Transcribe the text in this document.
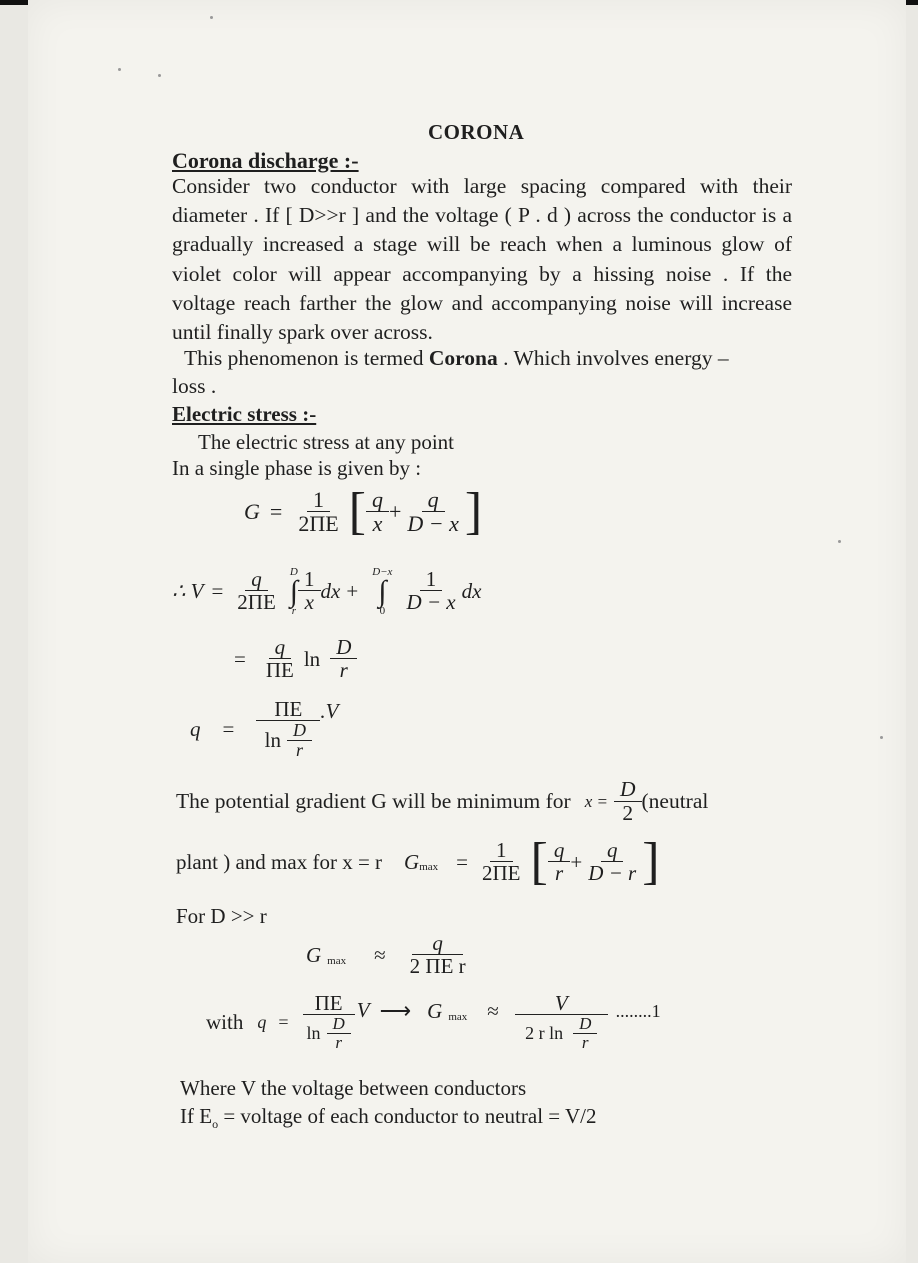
CORONA
Corona discharge :-
Consider two conductor with large spacing compared with their diameter . If [ D>>r ] and the voltage ( P . d ) across the conductor is a gradually increased a stage will be reach when a luminous glow of violet color will appear accompanying by a hissing noise . If the voltage reach farther the glow and accompanying noise will increase until finally spark over across.
This phenomenon is termed Corona . Which involves energy –
loss .
Electric stress :-
The electric stress at any point
In a single phase is given by :
$G = \frac{1}{2\Pi E}$ [ $\frac{q}{x} + \frac{q}{D - x}$ ]
∴ $V = \frac{q}{2\Pi E}$ D
∫
r $\frac{1}{x}$ dx +
D−x
∫
$0 \frac{1}{D - x}$ dx
= $\frac{q}{\Pi E}$ $\ln \frac{D}{r}$
$q = \frac{\Pi E}{\ln \frac{D}{r}} .V$
The potential gradient G will be minimum for $x = \frac{D}{2}$ (neutral
plant ) and max for x = r G $\max = \frac{1}{2\Pi E}$ [ $\frac{q}{r} + \frac{q}{D - r}$ ]
For D >> r
G $\max \approx \frac{q}{\text{2 ΠE r}}$
with $q = \frac{\Pi E}{\ln \frac{D}{r}}$ V ⟶ G $\max \approx \frac{V}{2 r \ln \frac{D}{r}} ........1$
Where V the voltage between conductors
If $E_o$ = voltage of each conductor to neutral = V/2
